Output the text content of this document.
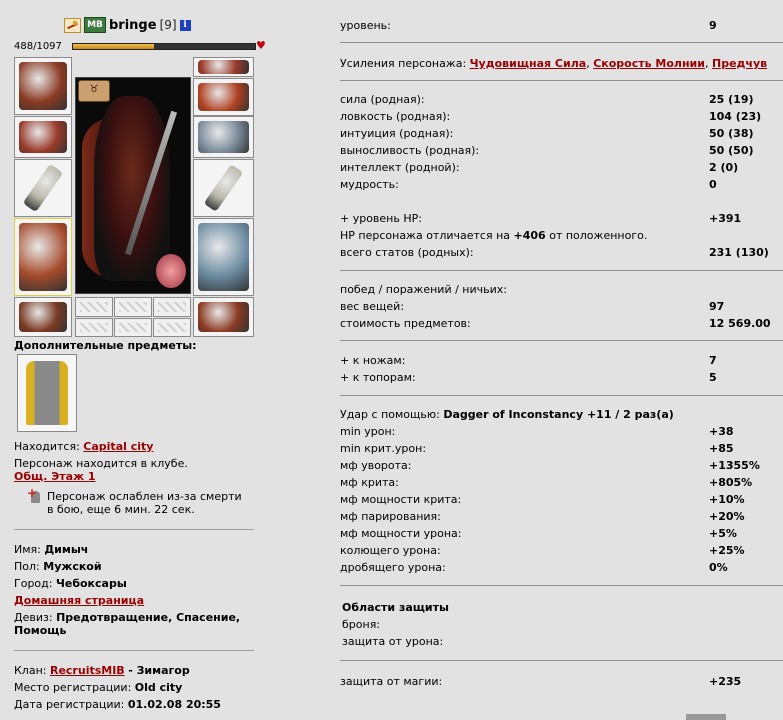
MB bringe [9] i
488/1097	♥
♉
Дополнительные предметы:
Находится: Capital city
Персонаж находится в клубе.
Общ. Этаж 1
+
Персонаж ослаблен из-за смерти
в бою, еще 6 мин. 22 сек.
Имя: Димыч
Пол: Мужской
Город: Чебоксары
Домашняя страница
Девиз: Предотвращение, Спасение,
Помощь
Клан: RecruitsMIB - Зимагор
Место регистрации: Old city
Дата регистрации: 01.02.08 20:55
уровень:	9
Усиления персонажа: Чудовищная Сила, Скорость Молнии, Предчув
сила (родная):	25 (19)
ловкость (родная):	104 (23)
интуиция (родная):	50 (38)
выносливость (родная):	50 (50)
интеллект (родной):	2 (0)
мудрость:	0
+ уровень HP:	+391
HP персонажа отличается на +406 от положенного.
всего статов (родных):	231 (130)
побед / поражений / ничьих:
вес вещей:	97
стоимость предметов:	12 569.00
+ к ножам:	7
+ к топорам:	5
Удар с помощью: Dagger of Inconstancy +11 / 2 раз(а)
min урон:	+38
min крит.урон:	+85
мф уворота:	+1355%
мф крита:	+805%
мф мощности крита:	+10%
мф парирования:	+20%
мф мощности урона:	+5%
колющего урона:	+25%
дробящего урона:	0%
Области защиты
броня:
защита от урона:
защита от магии:	+235
